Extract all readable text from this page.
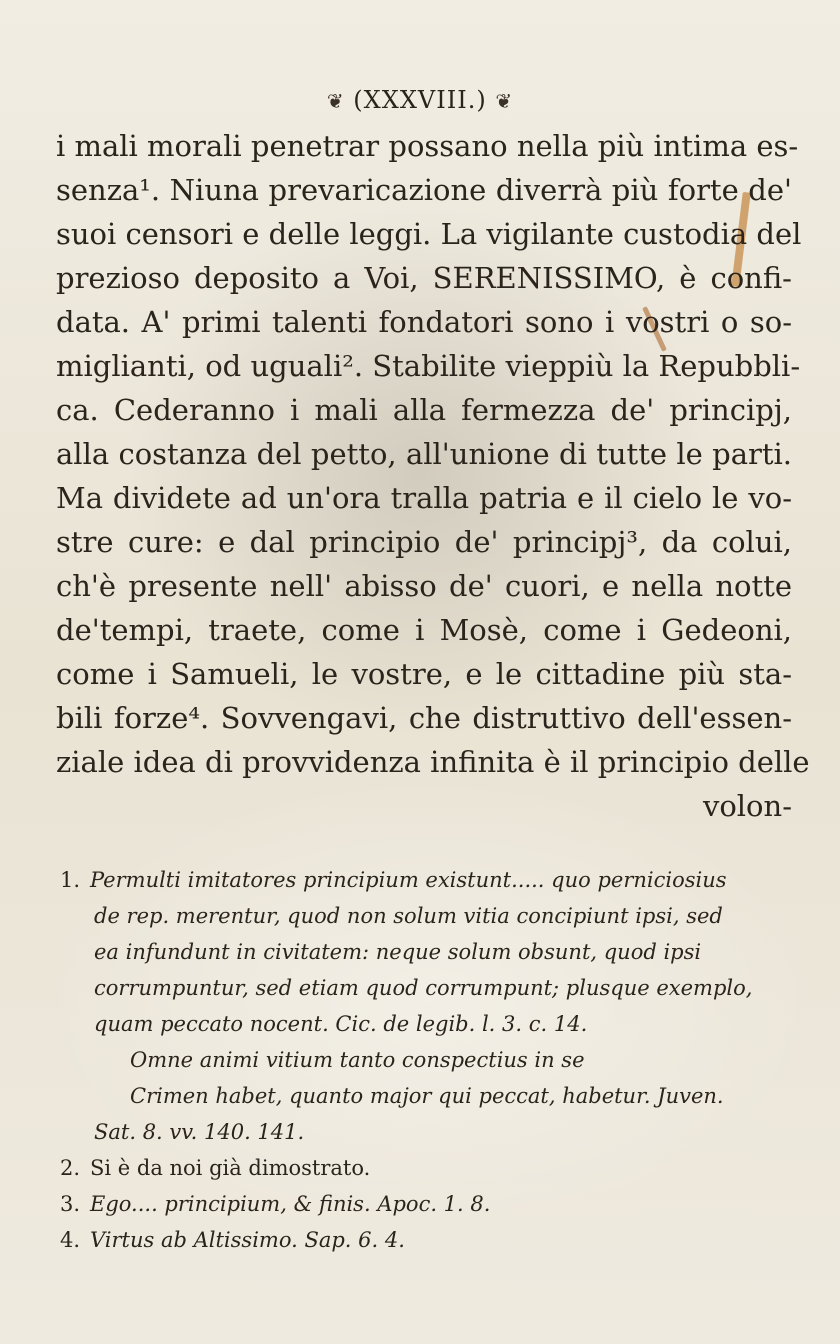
❦ (XXXVIII.) ❦
i mali morali penetrar possano nella più intima es-
senza¹. Niuna prevaricazione diverrà più forte de'
suoi censori e delle leggi. La vigilante custodia del
prezioso deposito a Voi, SERENISSIMO, è confi-
data. A' primi talenti fondatori sono i vostri o so-
miglianti, od uguali². Stabilite vieppiù la Repubbli-
ca. Cederanno i mali alla fermezza de' principj,
alla costanza del petto, all'unione di tutte le parti.
Ma dividete ad un'ora tralla patria e il cielo le vo-
stre cure: e dal principio de' principj³, da colui,
ch'è presente nell' abisso de' cuori, e nella notte
de'tempi, traete, come i Mosè, come i Gedeoni,
come i Samueli, le vostre, e le cittadine più sta-
bili forze⁴. Sovvengavi, che distruttivo dell'essen-
ziale idea di provvidenza infinita è il principio delle
volon-
1. Permulti imitatores principium existunt..... quo perniciosius
de rep. merentur, quod non solum vitia concipiunt ipsi, sed
ea infundunt in civitatem: neque solum obsunt, quod ipsi
corrumpuntur, sed etiam quod corrumpunt; plusque exemplo,
quam peccato nocent. Cic. de legib. l. 3. c. 14.
Omne animi vitium tanto conspectius in se
Crimen habet, quanto major qui peccat, habetur. Juven.
Sat. 8. vv. 140. 141.
2. Si è da noi già dimostrato.
3. Ego.... principium, & finis. Apoc. 1. 8.
4. Virtus ab Altissimo. Sap. 6. 4.
